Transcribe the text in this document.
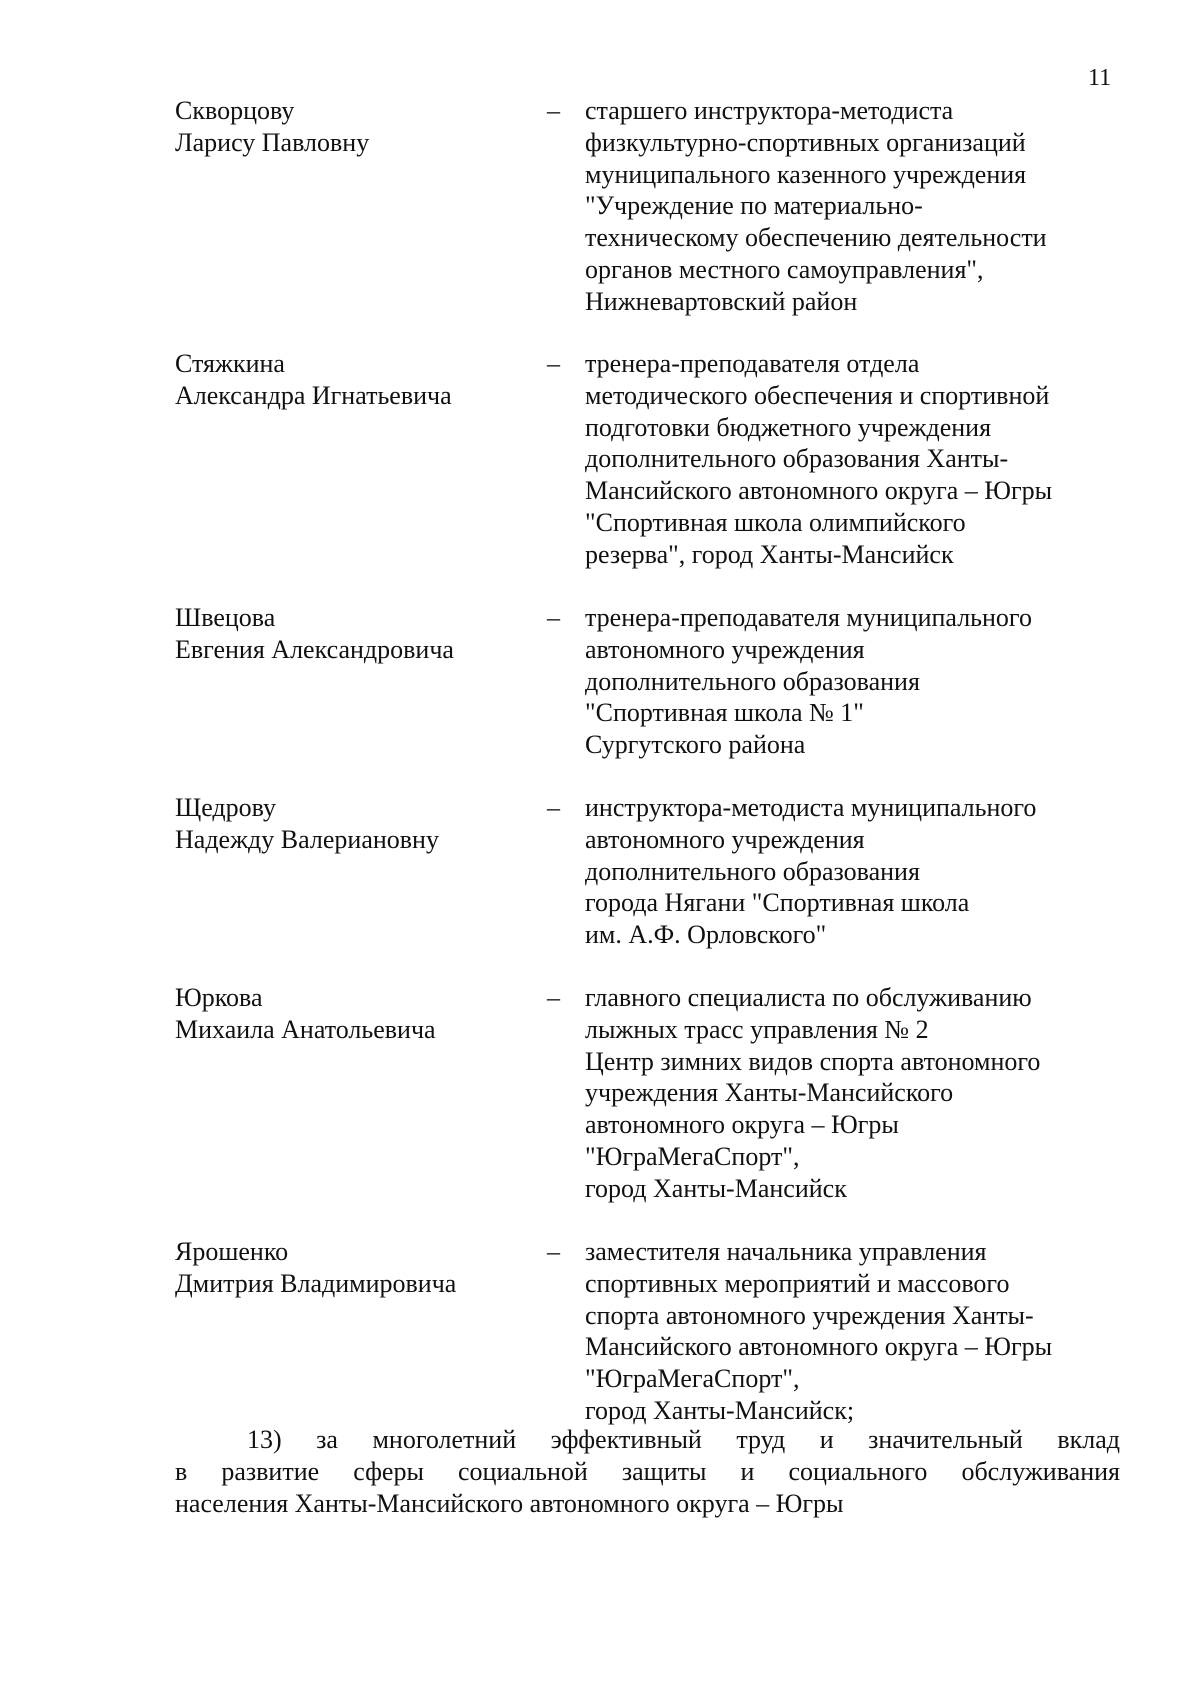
11
Скворцову
Ларису Павловну
– старшего инструктора-методиста
физкультурно-спортивных организаций
муниципального казенного учреждения
"Учреждение по материально-
техническому обеспечению деятельности
органов местного самоуправления",
Нижневартовский район
Стяжкина
Александра Игнатьевича
– тренера-преподавателя отдела
методического обеспечения и спортивной
подготовки бюджетного учреждения
дополнительного образования Ханты-
Мансийского автономного округа – Югры
"Спортивная школа олимпийского
резерва", город Ханты-Мансийск
Швецова
Евгения Александровича
– тренера-преподавателя муниципального
автономного учреждения
дополнительного образования
"Спортивная школа № 1"
Сургутского района
Щедрову
Надежду Валериановну
– инструктора-методиста муниципального
автономного учреждения
дополнительного образования
города Нягани "Спортивная школа
им. А.Ф. Орловского"
Юркова
Михаила Анатольевича
– главного специалиста по обслуживанию
лыжных трасс управления № 2
Центр зимних видов спорта автономного
учреждения Ханты-Мансийского
автономного округа – Югры
"ЮграМегаСпорт",
город Ханты-Мансийск
Ярошенко
Дмитрия Владимировича
– заместителя начальника управления
спортивных мероприятий и массового
спорта автономного учреждения Ханты-
Мансийского автономного округа – Югры
"ЮграМегаСпорт",
город Ханты-Мансийск;
13) за многолетний эффективный труд и значительный вклад
в развитие сферы социальной защиты и социального обслуживания
населения Ханты-Мансийского автономного округа – Югры
